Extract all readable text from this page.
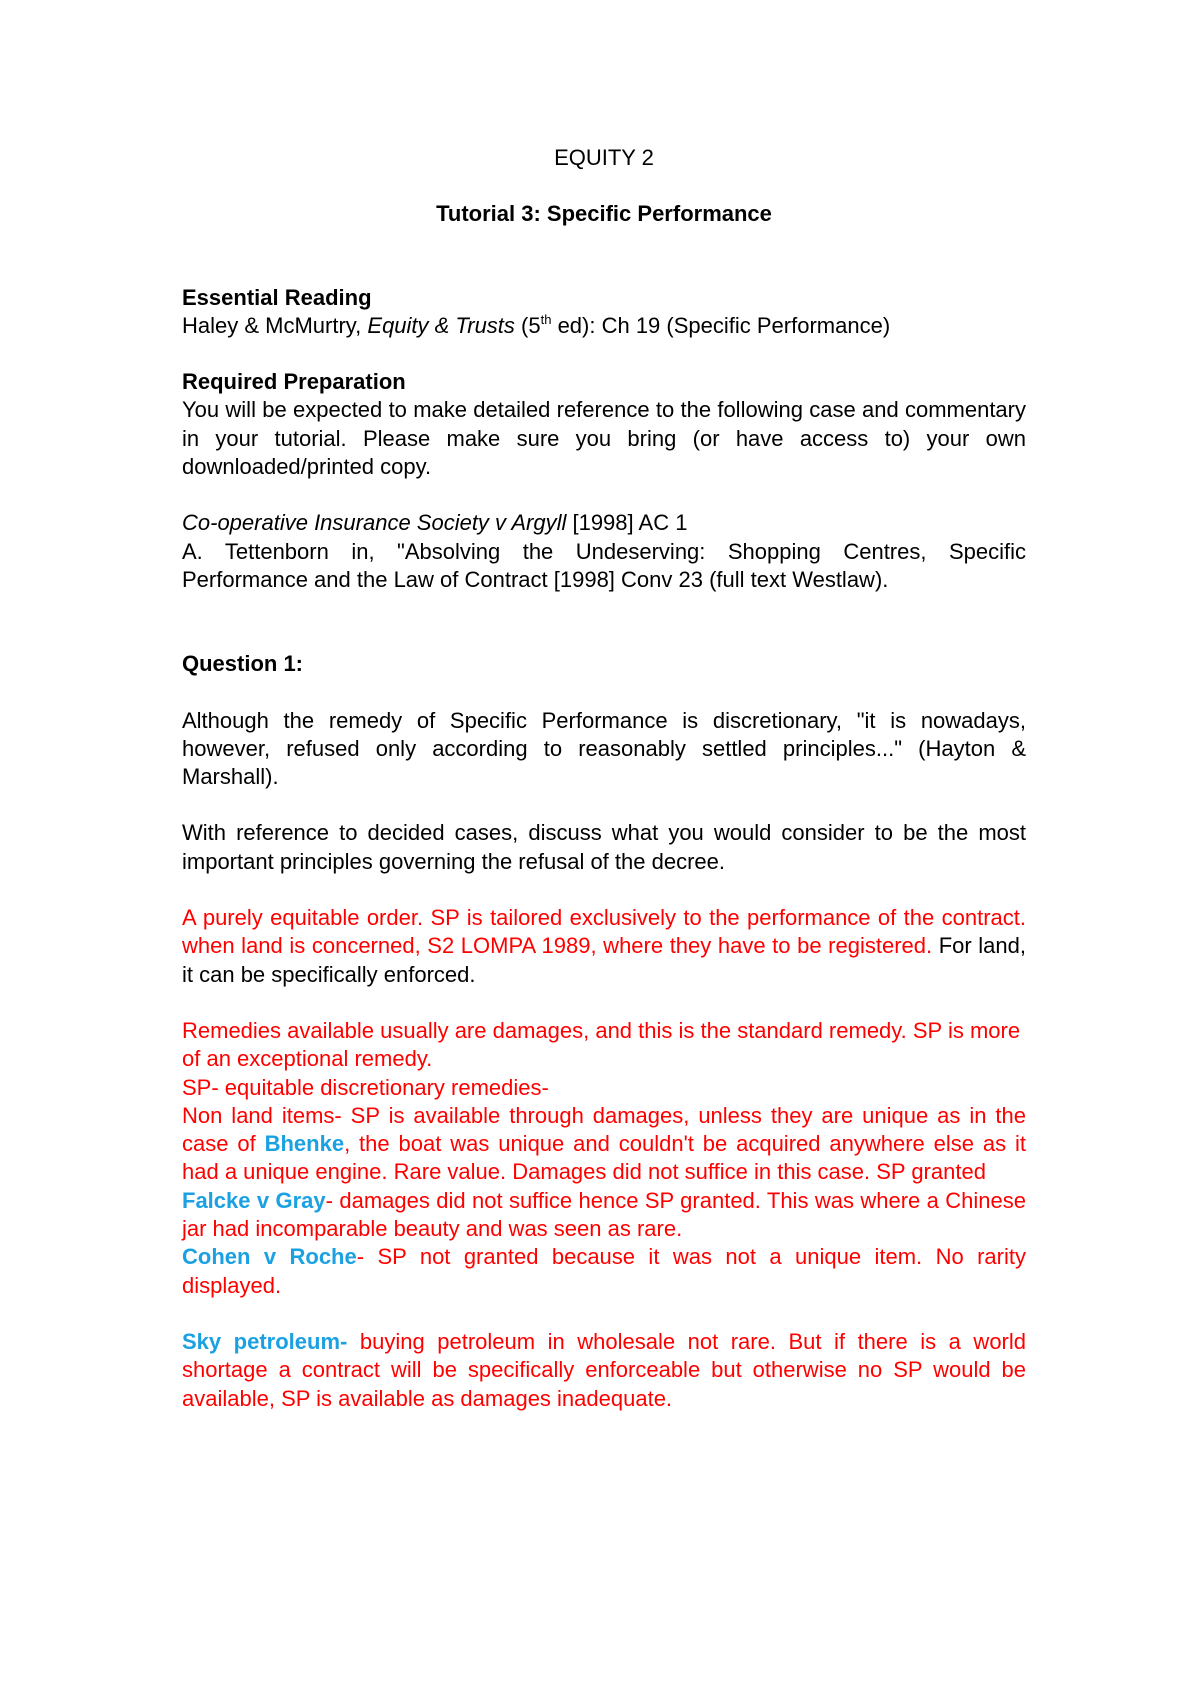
EQUITY 2

Tutorial 3: Specific Performance

Essential Reading

Haley & McMurtry, Equity & Trusts (5th ed): Ch 19 (Specific Performance)

Required Preparation

You will be expected to make detailed reference to the following case and commentary in your tutorial. Please make sure you bring (or have access to) your own downloaded/printed copy.

Co-operative Insurance Society v Argyll [1998] AC 1

A. Tettenborn in, "Absolving the Undeserving: Shopping Centres, Specific Performance and the Law of Contract [1998] Conv 23 (full text Westlaw).

Question 1:

Although the remedy of Specific Performance is discretionary, "it is nowadays, however, refused only according to reasonably settled principles..." (Hayton & Marshall).

With reference to decided cases, discuss what you would consider to be the most important principles governing the refusal of the decree.

A purely equitable order. SP is tailored exclusively to the performance of the contract. when land is concerned, S2 LOMPA 1989, where they have to be registered. For land, it can be specifically enforced.

Remedies available usually are damages, and this is the standard remedy. SP is more of an exceptional remedy.

SP- equitable discretionary remedies-

Non land items- SP is available through damages, unless they are unique as in the case of Bhenke, the boat was unique and couldn't be acquired anywhere else as it had a unique engine. Rare value. Damages did not suffice in this case. SP granted

Falcke v Gray- damages did not suffice hence SP granted. This was where a Chinese jar had incomparable beauty and was seen as rare.

Cohen v Roche- SP not granted because it was not a unique item. No rarity displayed.

Sky petroleum- buying petroleum in wholesale not rare. But if there is a world shortage a contract will be specifically enforceable but otherwise no SP would be available, SP is available as damages inadequate.
